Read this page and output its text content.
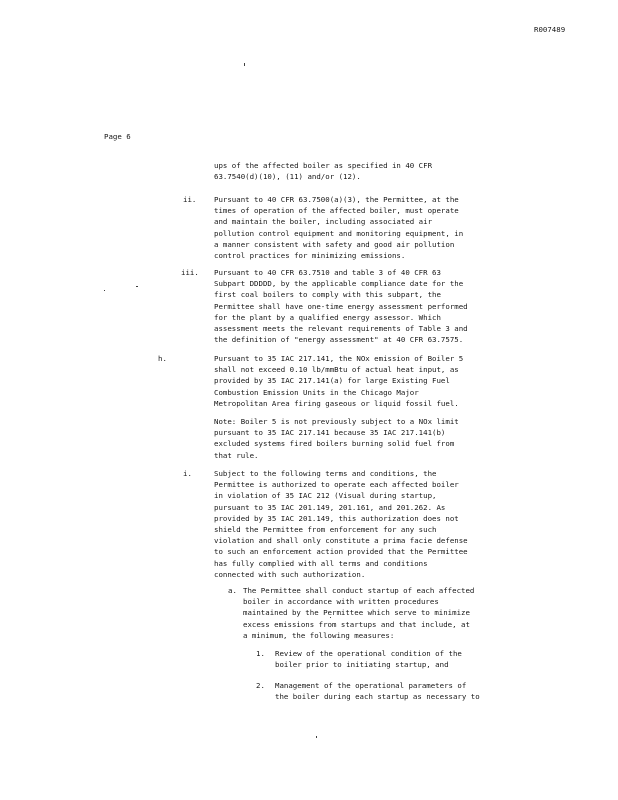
R007489
Page 6
ups of the affected boiler as specified in 40 CFR
63.7540(d)(10), (11) and/or (12).
ii. Pursuant to 40 CFR 63.7500(a)(3), the Permittee, at the
times of operation of the affected boiler, must operate
and maintain the boiler, including associated air
pollution control equipment and monitoring equipment, in
a manner consistent with safety and good air pollution
control practices for minimizing emissions.
iii. Pursuant to 40 CFR 63.7510 and table 3 of 40 CFR 63
Subpart DDDDD, by the applicable compliance date for the
first coal boilers to comply with this subpart, the
Permittee shall have one-time energy assessment performed
for the plant by a qualified energy assessor. Which
assessment meets the relevant requirements of Table 3 and
the definition of "energy assessment" at 40 CFR 63.7575.
h.	Pursuant to 35 IAC 217.141, the NOx emission of Boiler 5
shall not exceed 0.10 lb/mmBtu of actual heat input, as
provided by 35 IAC 217.141(a) for large Existing Fuel
Combustion Emission Units in the Chicago Major
Metropolitan Area firing gaseous or liquid fossil fuel.
Note: Boiler 5 is not previously subject to a NOx limit
pursuant to 35 IAC 217.141 because 35 IAC 217.141(b)
excluded systems fired boilers burning solid fuel from
that rule.
i.	Subject to the following terms and conditions, the
Permittee is authorized to operate each affected boiler
in violation of 35 IAC 212 (Visual during startup,
pursuant to 35 IAC 201.149, 201.161, and 201.262. As
provided by 35 IAC 201.149, this authorization does not
shield the Permittee from enforcement for any such
violation and shall only constitute a prima facie defense
to such an enforcement action provided that the Permittee
has fully complied with all terms and conditions
connected with such authorization.
a. The Permittee shall conduct startup of each affected
boiler in accordance with written procedures
maintained by the Permittee which serve to minimize
excess emissions from startups and that include, at
a minimum, the following measures:
1. Review of the operational condition of the
boiler prior to initiating startup, and
2. Management of the operational parameters of
the boiler during each startup as necessary to
